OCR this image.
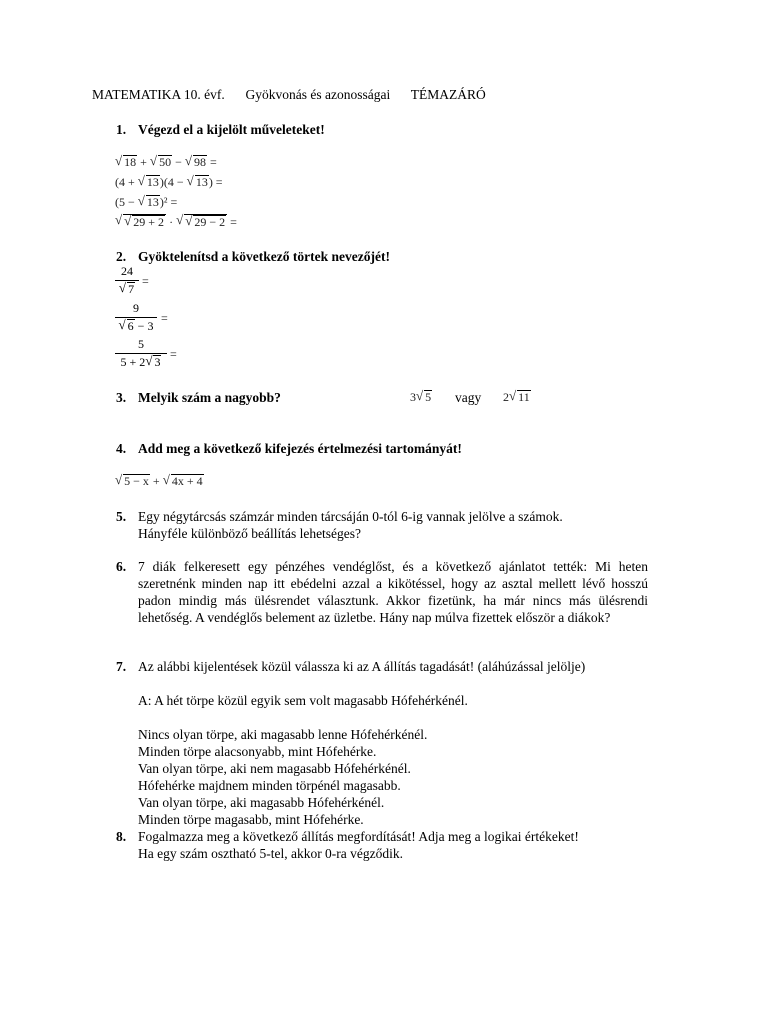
MATEMATIKA 10. évf. Gyökvonás és azonosságai TÉMAZÁRÓ
1. Végezd el a kijelölt műveleteket!
√ 18 + √ 50 − √ 98 =
(4 + √ 13)(4 − √ 13) =
(5 − √ 13)² =
√ √ 29 + 2 · √ √ 29 − 2 =
2. Gyöktelenítsd a következő törtek nevezőjét!
24
√ 7
=
9
√ 6 − 3
=
5
5 + 2√ 3
=
3. Melyik szám a nagyobb?	3√ 5 vagy 2√ 11
4. Add meg a következő kifejezés értelmezési tartományát!
√ 5 − x + √ 4x + 4
5. Egy négytárcsás számzár minden tárcsáján 0-tól 6-ig vannak jelölve a számok.
Hányféle különböző beállítás lehetséges?
6. 7 diák felkeresett egy pénzéhes vendéglőst, és a következő ajánlatot tették: Mi heten szeretnénk minden nap itt ebédelni azzal a kikötéssel, hogy az asztal mellett lévő hosszú padon mindig más ülésrendet választunk. Akkor fizetünk, ha már nincs más ülésrendi lehetőség. A vendéglős belement az üzletbe. Hány nap múlva fizettek először a diákok?
7. Az alábbi kijelentések közül válassza ki az A állítás tagadását! (aláhúzással jelölje)
A: A hét törpe közül egyik sem volt magasabb Hófehérkénél.
Nincs olyan törpe, aki magasabb lenne Hófehérkénél.
Minden törpe alacsonyabb, mint Hófehérke.
Van olyan törpe, aki nem magasabb Hófehérkénél.
Hófehérke majdnem minden törpénél magasabb.
Van olyan törpe, aki magasabb Hófehérkénél.
Minden törpe magasabb, mint Hófehérke.
8. Fogalmazza meg a következő állítás megfordítását! Adja meg a logikai értékeket!
Ha egy szám osztható 5-tel, akkor 0-ra végződik.
